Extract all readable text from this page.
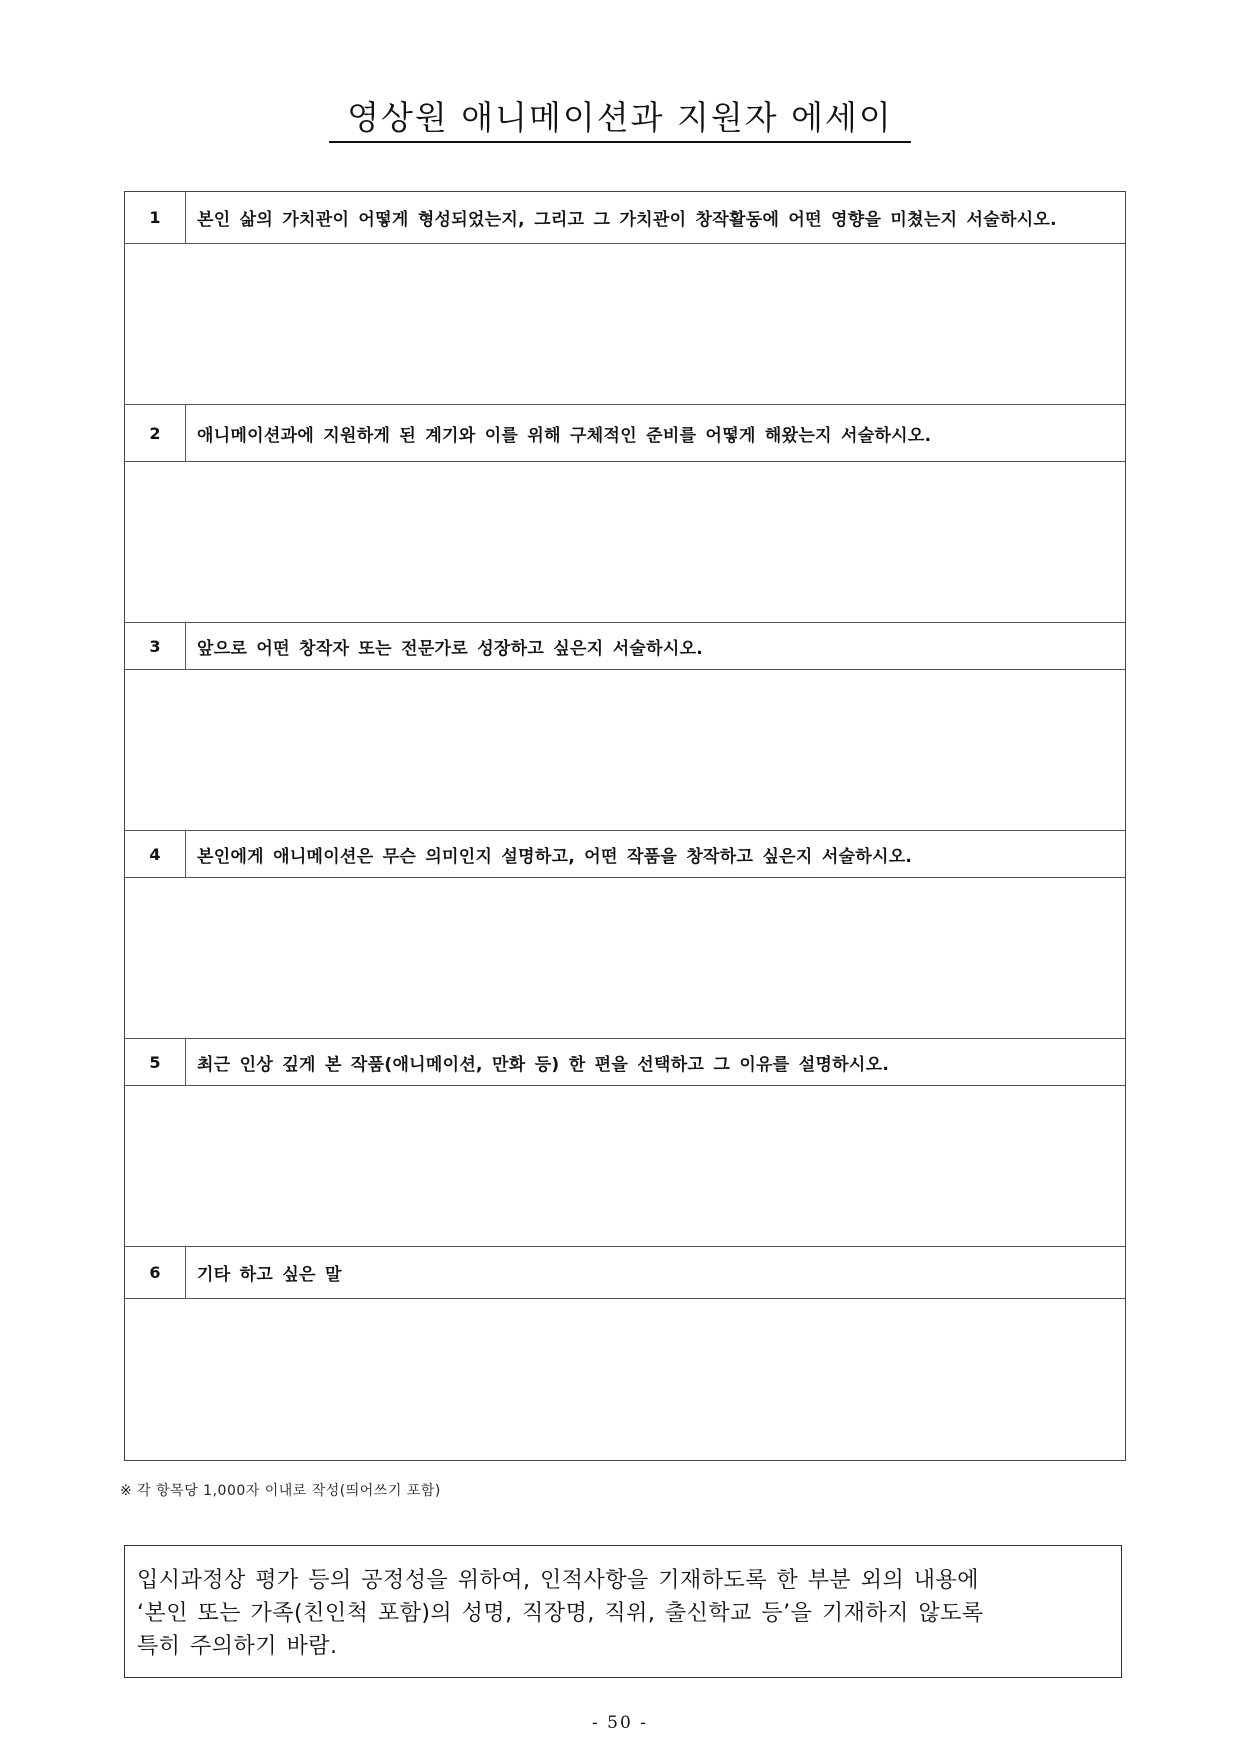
영상원 애니메이션과 지원자 에세이
1	본인 삶의 가치관이 어떻게 형성되었는지, 그리고 그 가치관이 창작활동에 어떤 영향을 미쳤는지 서술하시오.
2	애니메이션과에 지원하게 된 계기와 이를 위해 구체적인 준비를 어떻게 해왔는지 서술하시오.
3	앞으로 어떤 창작자 또는 전문가로 성장하고 싶은지 서술하시오.
4	본인에게 애니메이션은 무슨 의미인지 설명하고, 어떤 작품을 창작하고 싶은지 서술하시오.
5	최근 인상 깊게 본 작품(애니메이션, 만화 등) 한 편을 선택하고 그 이유를 설명하시오.
6	기타 하고 싶은 말
※ 각 항목당 1,000자 이내로 작성(띄어쓰기 포함)
입시과정상 평가 등의 공정성을 위하여, 인적사항을 기재하도록 한 부분 외의 내용에
‘본인 또는 가족(친인척 포함)의 성명, 직장명, 직위, 출신학교 등’을 기재하지 않도록
특히 주의하기 바람.
- 50 -
